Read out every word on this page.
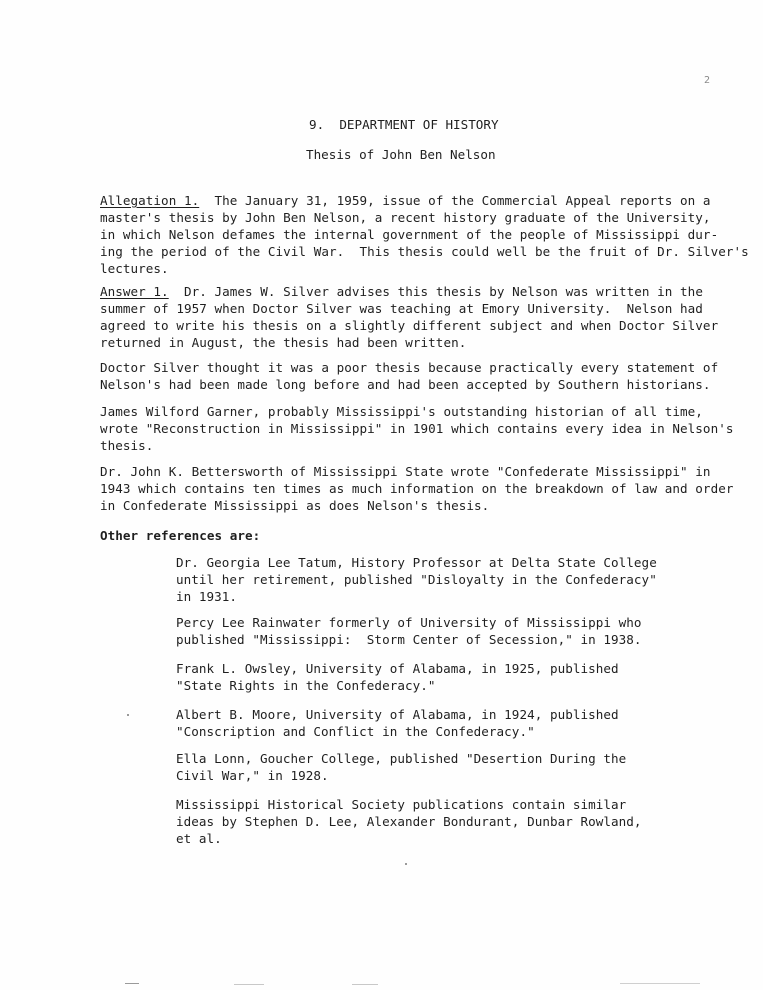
2
9.  DEPARTMENT OF HISTORY
Thesis of John Ben Nelson
Allegation 1.  The January 31, 1959, issue of the Commercial Appeal reports on a
master's thesis by John Ben Nelson, a recent history graduate of the University,
in which Nelson defames the internal government of the people of Mississippi dur-
ing the period of the Civil War.  This thesis could well be the fruit of Dr. Silver's
lectures.
Answer 1.  Dr. James W. Silver advises this thesis by Nelson was written in the
summer of 1957 when Doctor Silver was teaching at Emory University.  Nelson had
agreed to write his thesis on a slightly different subject and when Doctor Silver
returned in August, the thesis had been written.
Doctor Silver thought it was a poor thesis because practically every statement of
Nelson's had been made long before and had been accepted by Southern historians.
James Wilford Garner, probably Mississippi's outstanding historian of all time,
wrote "Reconstruction in Mississippi" in 1901 which contains every idea in Nelson's
thesis.
Dr. John K. Bettersworth of Mississippi State wrote "Confederate Mississippi" in
1943 which contains ten times as much information on the breakdown of law and order
in Confederate Mississippi as does Nelson's thesis.
Other references are:
Dr. Georgia Lee Tatum, History Professor at Delta State College
until her retirement, published "Disloyalty in the Confederacy"
in 1931.
Percy Lee Rainwater formerly of University of Mississippi who
published "Mississippi:  Storm Center of Secession," in 1938.
Frank L. Owsley, University of Alabama, in 1925, published
"State Rights in the Confederacy."
Albert B. Moore, University of Alabama, in 1924, published
"Conscription and Conflict in the Confederacy."
Ella Lonn, Goucher College, published "Desertion During the
Civil War," in 1928.
Mississippi Historical Society publications contain similar
ideas by Stephen D. Lee, Alexander Bondurant, Dunbar Rowland,
et al.
